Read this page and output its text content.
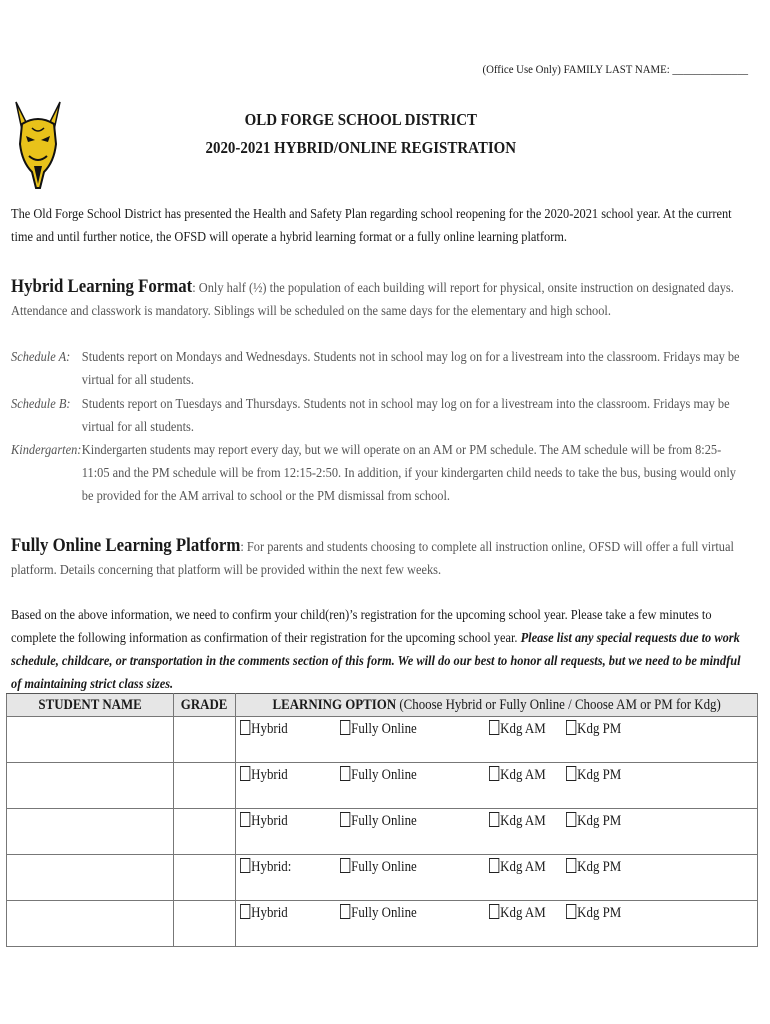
(Office Use Only) FAMILY LAST NAME: ______________
OLD FORGE SCHOOL DISTRICT
2020-2021 HYBRID/ONLINE REGISTRATION
The Old Forge School District has presented the Health and Safety Plan regarding school reopening for the 2020-2021 school year. At the current time and until further notice, the OFSD will operate a hybrid learning format or a fully online learning platform.
Hybrid Learning Format: Only half (½) the population of each building will report for physical, onsite instruction on designated days. Attendance and classwork is mandatory. Siblings will be scheduled on the same days for the elementary and high school.
Schedule A: Students report on Mondays and Wednesdays. Students not in school may log on for a livestream into the classroom. Fridays may be virtual for all students.
Schedule B: Students report on Tuesdays and Thursdays. Students not in school may log on for a livestream into the classroom. Fridays may be virtual for all students.
Kindergarten: Kindergarten students may report every day, but we will operate on an AM or PM schedule. The AM schedule will be from 8:25-11:05 and the PM schedule will be from 12:15-2:50. In addition, if your kindergarten child needs to take the bus, busing would only be provided for the AM arrival to school or the PM dismissal from school.
Fully Online Learning Platform: For parents and students choosing to complete all instruction online, OFSD will offer a full virtual platform. Details concerning that platform will be provided within the next few weeks.
Based on the above information, we need to confirm your child(ren)’s registration for the upcoming school year. Please take a few minutes to complete the following information as confirmation of their registration for the upcoming school year. Please list any special requests due to work schedule, childcare, or transportation in the comments section of this form. We will do our best to honor all requests, but we need to be mindful of maintaining strict class sizes.
STUDENT NAME	GRADE	LEARNING OPTION (Choose Hybrid or Fully Online / Choose AM or PM for Kdg)

		Hybrid Fully Online Kdg AM Kdg PM

		Hybrid Fully Online Kdg AM Kdg PM

		Hybrid Fully Online Kdg AM Kdg PM

		Hybrid: Fully Online Kdg AM Kdg PM

		Hybrid Fully Online Kdg AM Kdg PM
